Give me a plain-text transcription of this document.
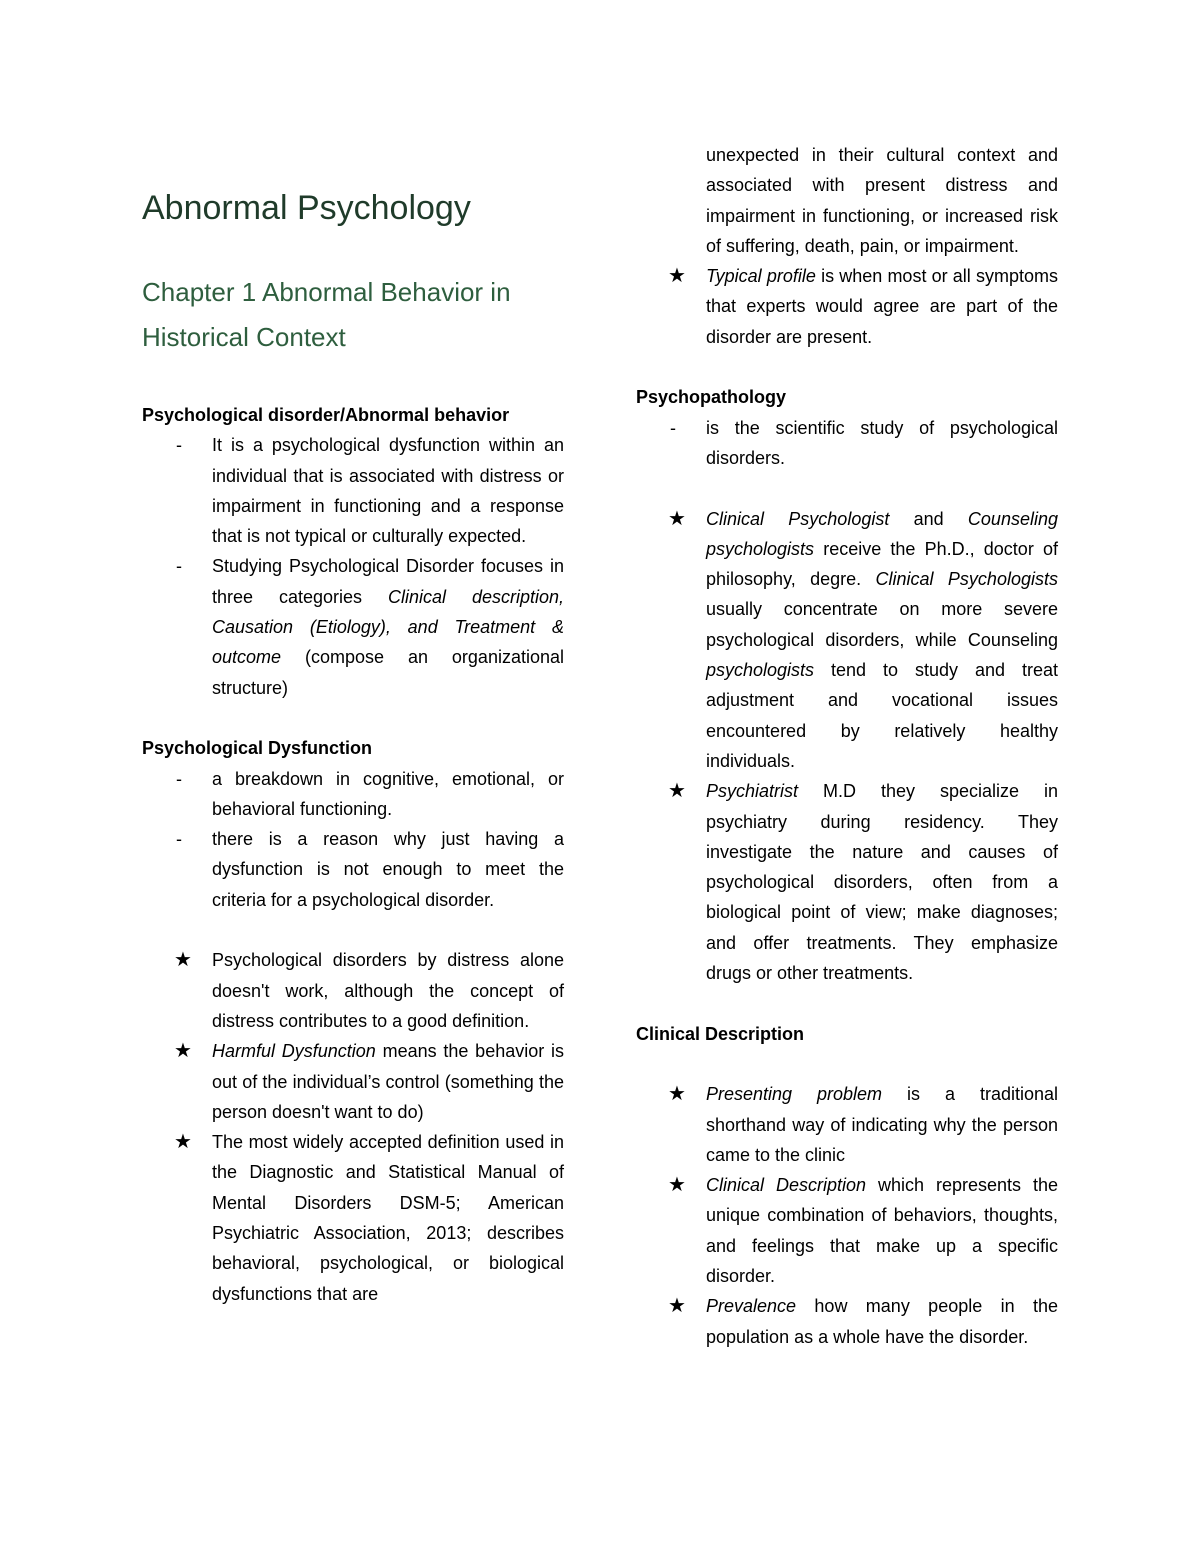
Abnormal Psychology
Chapter 1 Abnormal Behavior in Historical Context

Psychological disorder/Abnormal behavior

- It is a psychological dysfunction within an individual that is associated with distress or impairment in functioning and a response that is not typical or culturally expected.
- Studying Psychological Disorder focuses in three categories Clinical description, Causation (Etiology), and Treatment & outcome (compose an organizational structure)

Psychological Dysfunction

- a breakdown in cognitive, emotional, or behavioral functioning.
- there is a reason why just having a dysfunction is not enough to meet the criteria for a psychological disorder.
★ Psychological disorders by distress alone doesn't work, although the concept of distress contributes to a good definition.
★ Harmful Dysfunction means the behavior is out of the individual’s control (something the person doesn't want to do)
★ The most widely accepted definition used in the Diagnostic and Statistical Manual of Mental Disorders DSM-5; American Psychiatric Association, 2013; describes behavioral, psychological, or biological dysfunctions that are
unexpected in their cultural context and associated with present distress and impairment in functioning, or increased risk of suffering, death, pain, or impairment.
★ Typical profile is when most or all symptoms that experts would agree are part of the disorder are present.

Psychopathology

- is the scientific study of psychological disorders.
★ Clinical Psychologist and Counseling psychologists receive the Ph.D., doctor of philosophy, degre. Clinical Psychologists usually concentrate on more severe psychological disorders, while Counseling psychologists tend to study and treat adjustment and vocational issues encountered by relatively healthy individuals.
★ Psychiatrist M.D they specialize in psychiatry during residency. They investigate the nature and causes of psychological disorders, often from a biological point of view; make diagnoses; and offer treatments. They emphasize drugs or other treatments.

Clinical Description

★ Presenting problem is a traditional shorthand way of indicating why the person came to the clinic
★ Clinical Description which represents the unique combination of behaviors, thoughts, and feelings that make up a specific disorder.
★ Prevalence how many people in the population as a whole have the disorder.
